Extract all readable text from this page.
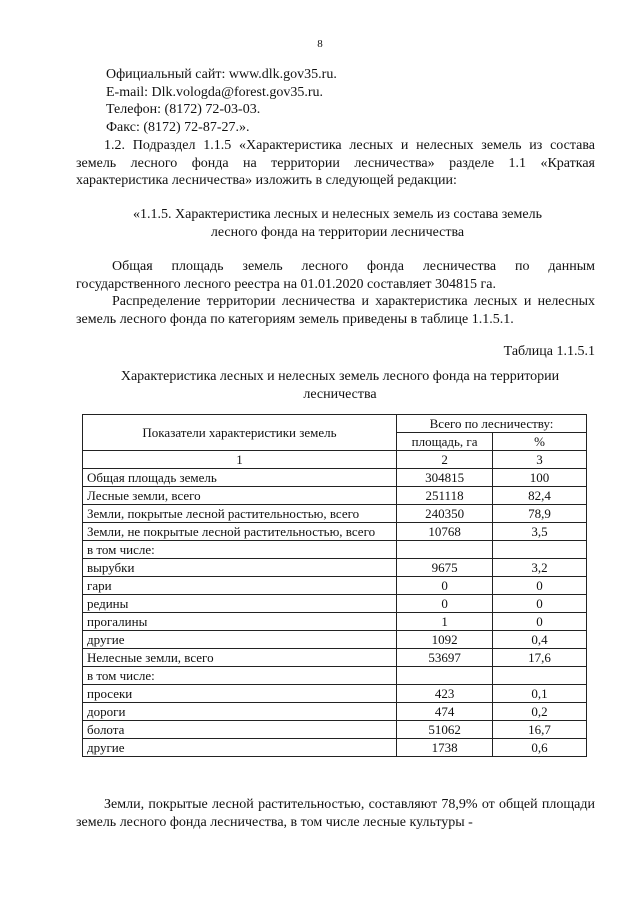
8
Официальный сайт: www.dlk.gov35.ru.
E-mail: Dlk.vologda@forest.gov35.ru.
Телефон: (8172) 72-03-03.
Факс: (8172) 72-87-27.».
1.2. Подраздел 1.1.5 «Характеристика лесных и нелесных земель из состава земель лесного фонда на территории лесничества» разделе 1.1 «Краткая характеристика лесничества» изложить в следующей редакции:
«1.1.5. Характеристика лесных и нелесных земель из состава земель лесного фонда на территории лесничества
Общая площадь земель лесного фонда лесничества по данным государственного лесного реестра на 01.01.2020 составляет 304815 га.
Распределение территории лесничества и характеристика лесных и нелесных земель лесного фонда по категориям земель приведены в таблице 1.1.5.1.
Таблица 1.1.5.1
Характеристика лесных и нелесных земель лесного фонда на территории лесничества
Показатели характеристики земель	Всего по лесничеству:	
	площадь, га	%
1	2	3
Общая площадь земель	304815	100
Лесные земли, всего	251118	82,4
Земли, покрытые лесной растительностью, всего	240350	78,9
Земли, не покрытые лесной растительностью, всего	10768	3,5
в том числе:		
вырубки	9675	3,2
гари	0	0
редины	0	0
прогалины	1	0
другие	1092	0,4
Нелесные земли, всего	53697	17,6
в том числе:		
просеки	423	0,1
дороги	474	0,2
болота	51062	16,7
другие	1738	0,6
Земли, покрытые лесной растительностью, составляют 78,9% от общей площади земель лесного фонда лесничества, в том числе лесные культуры -
